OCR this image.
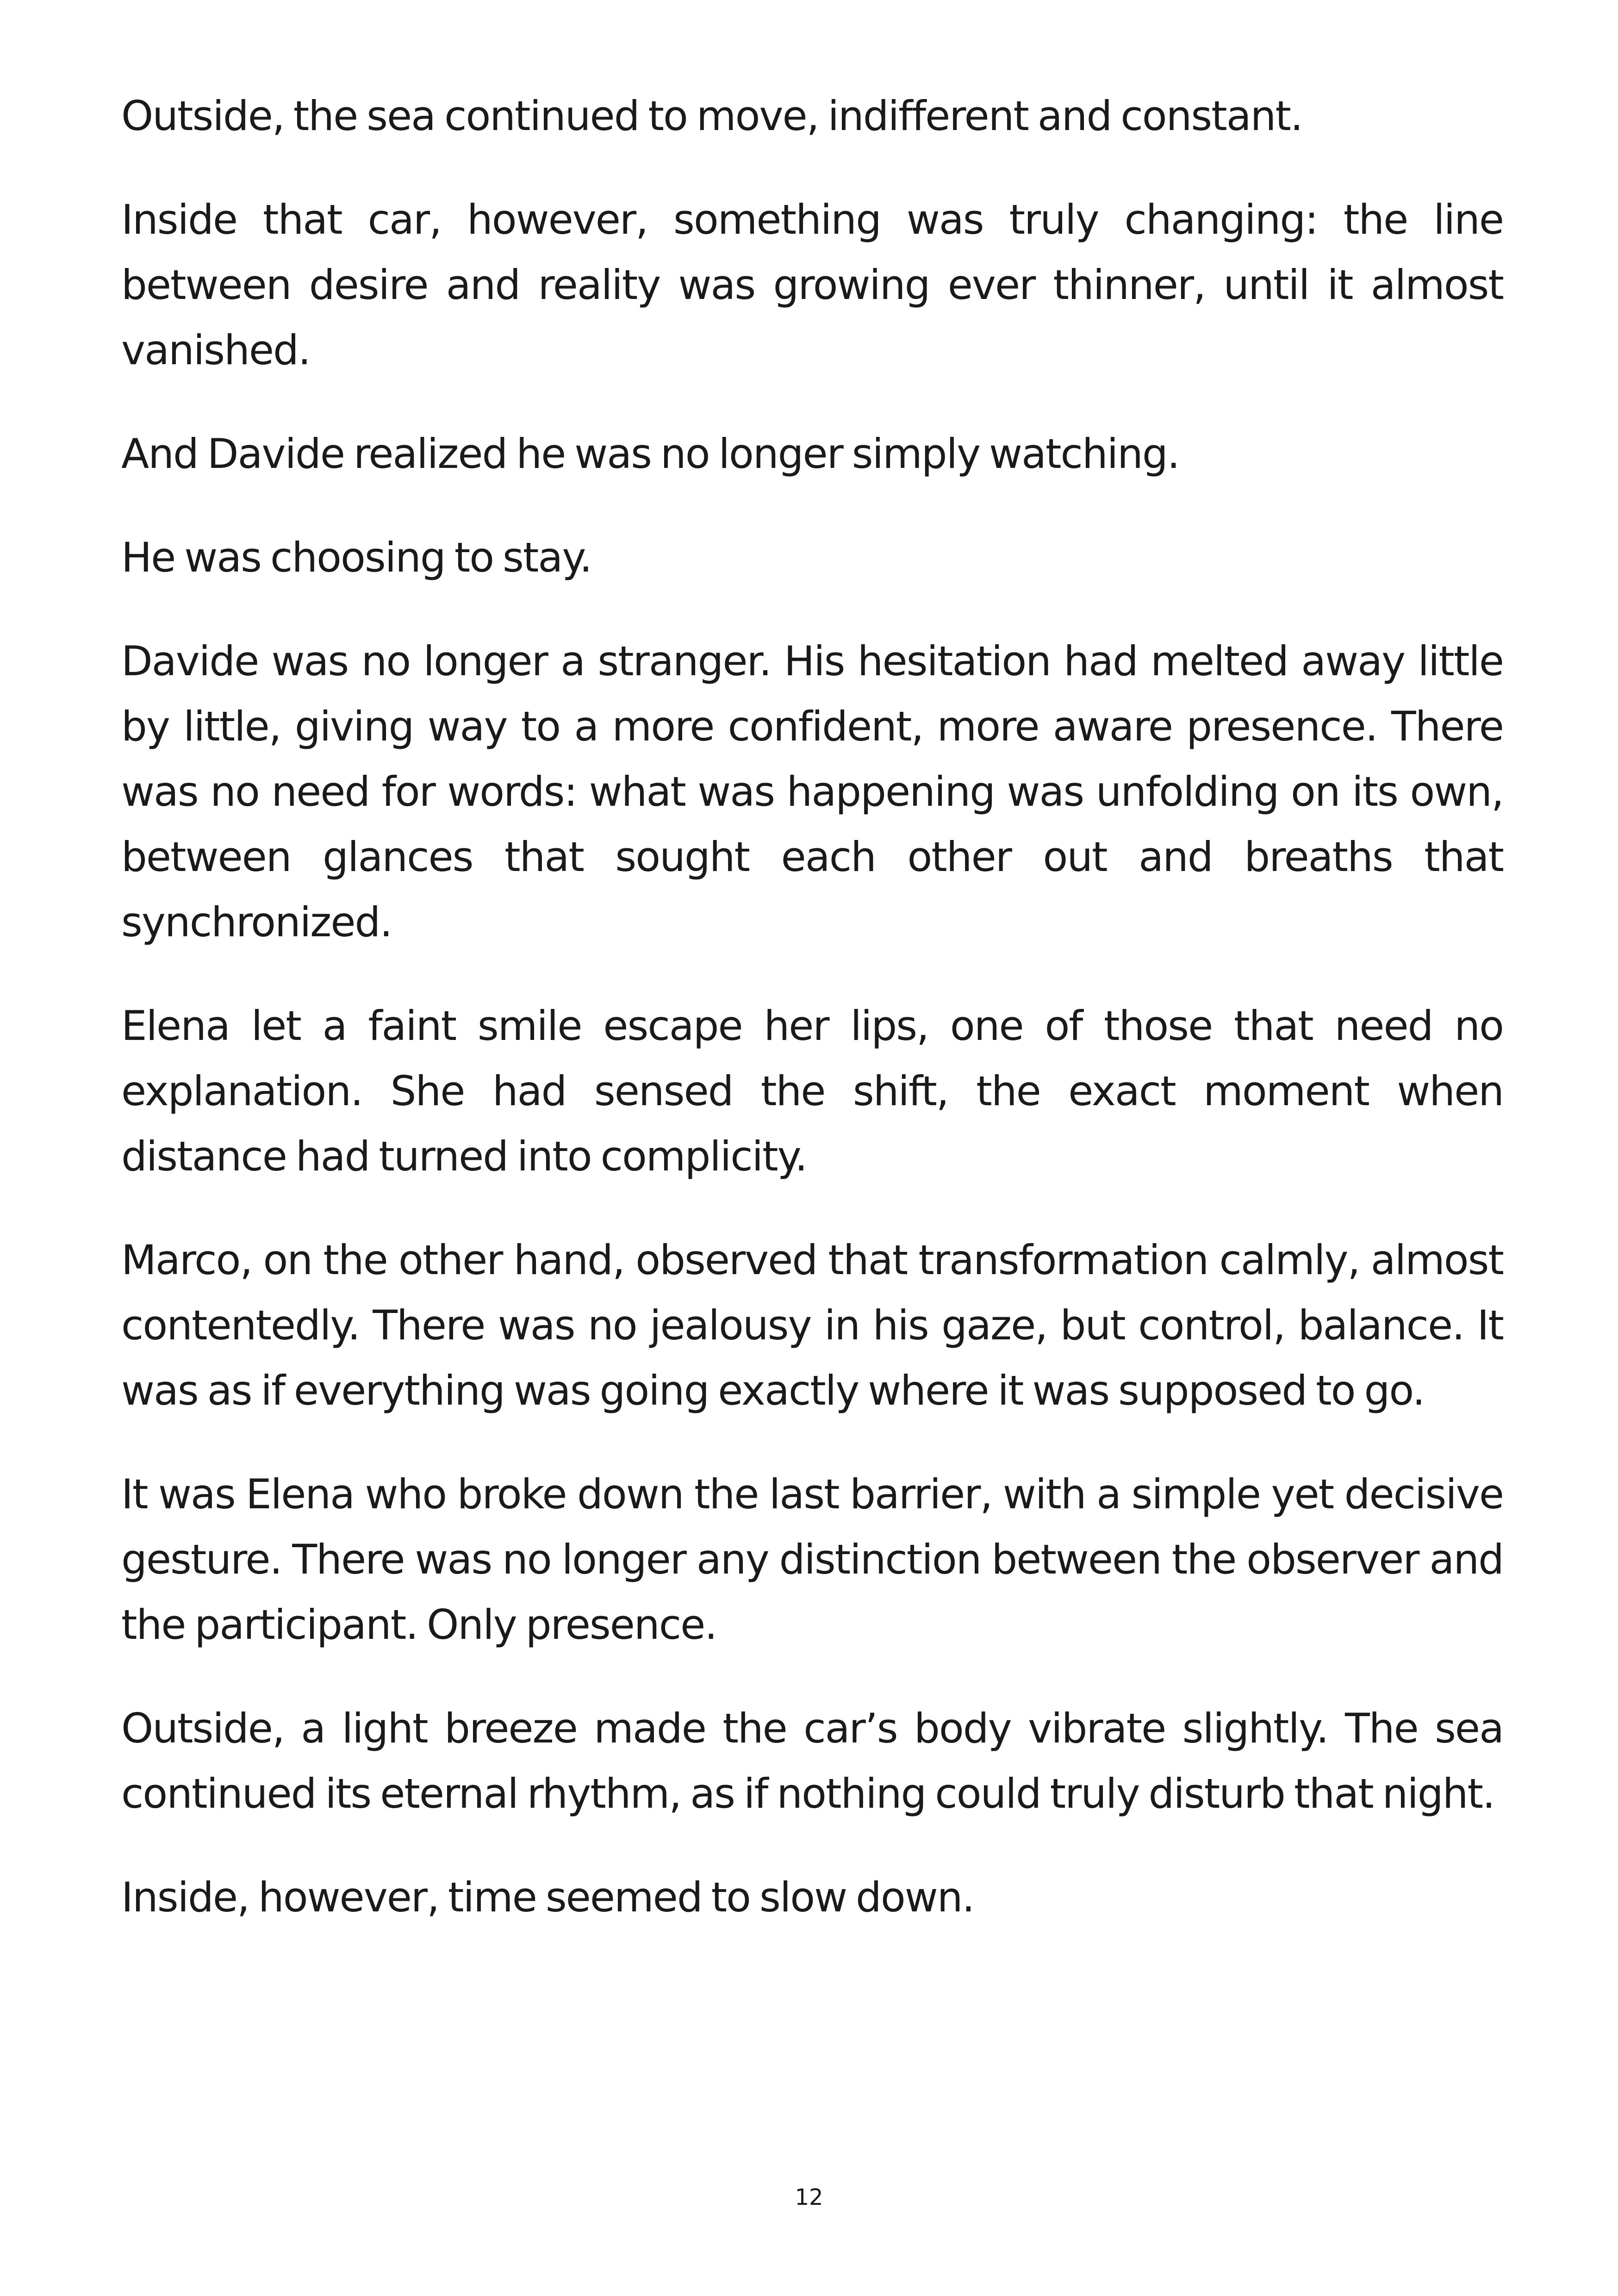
Outside, the sea continued to move, indifferent and constant.

Inside that car, however, something was truly changing: the line between desire and reality was growing ever thinner, until it almost vanished.

And Davide realized he was no longer simply watching.

He was choosing to stay.

Davide was no longer a stranger. His hesitation had melted away little by little, giving way to a more confident, more aware presence. There was no need for words: what was happening was unfolding on its own, between glances that sought each other out and breaths that synchronized.

Elena let a faint smile escape her lips, one of those that need no explanation. She had sensed the shift, the exact moment when distance had turned into complicity.

Marco, on the other hand, observed that transformation calmly, almost contentedly. There was no jealousy in his gaze, but control, balance. It was as if everything was going exactly where it was supposed to go.

It was Elena who broke down the last barrier, with a simple yet decisive gesture. There was no longer any distinction between the observer and the participant. Only presence.

Outside, a light breeze made the car’s body vibrate slightly. The sea continued its eternal rhythm, as if nothing could truly disturb that night.

Inside, however, time seemed to slow down.

12
